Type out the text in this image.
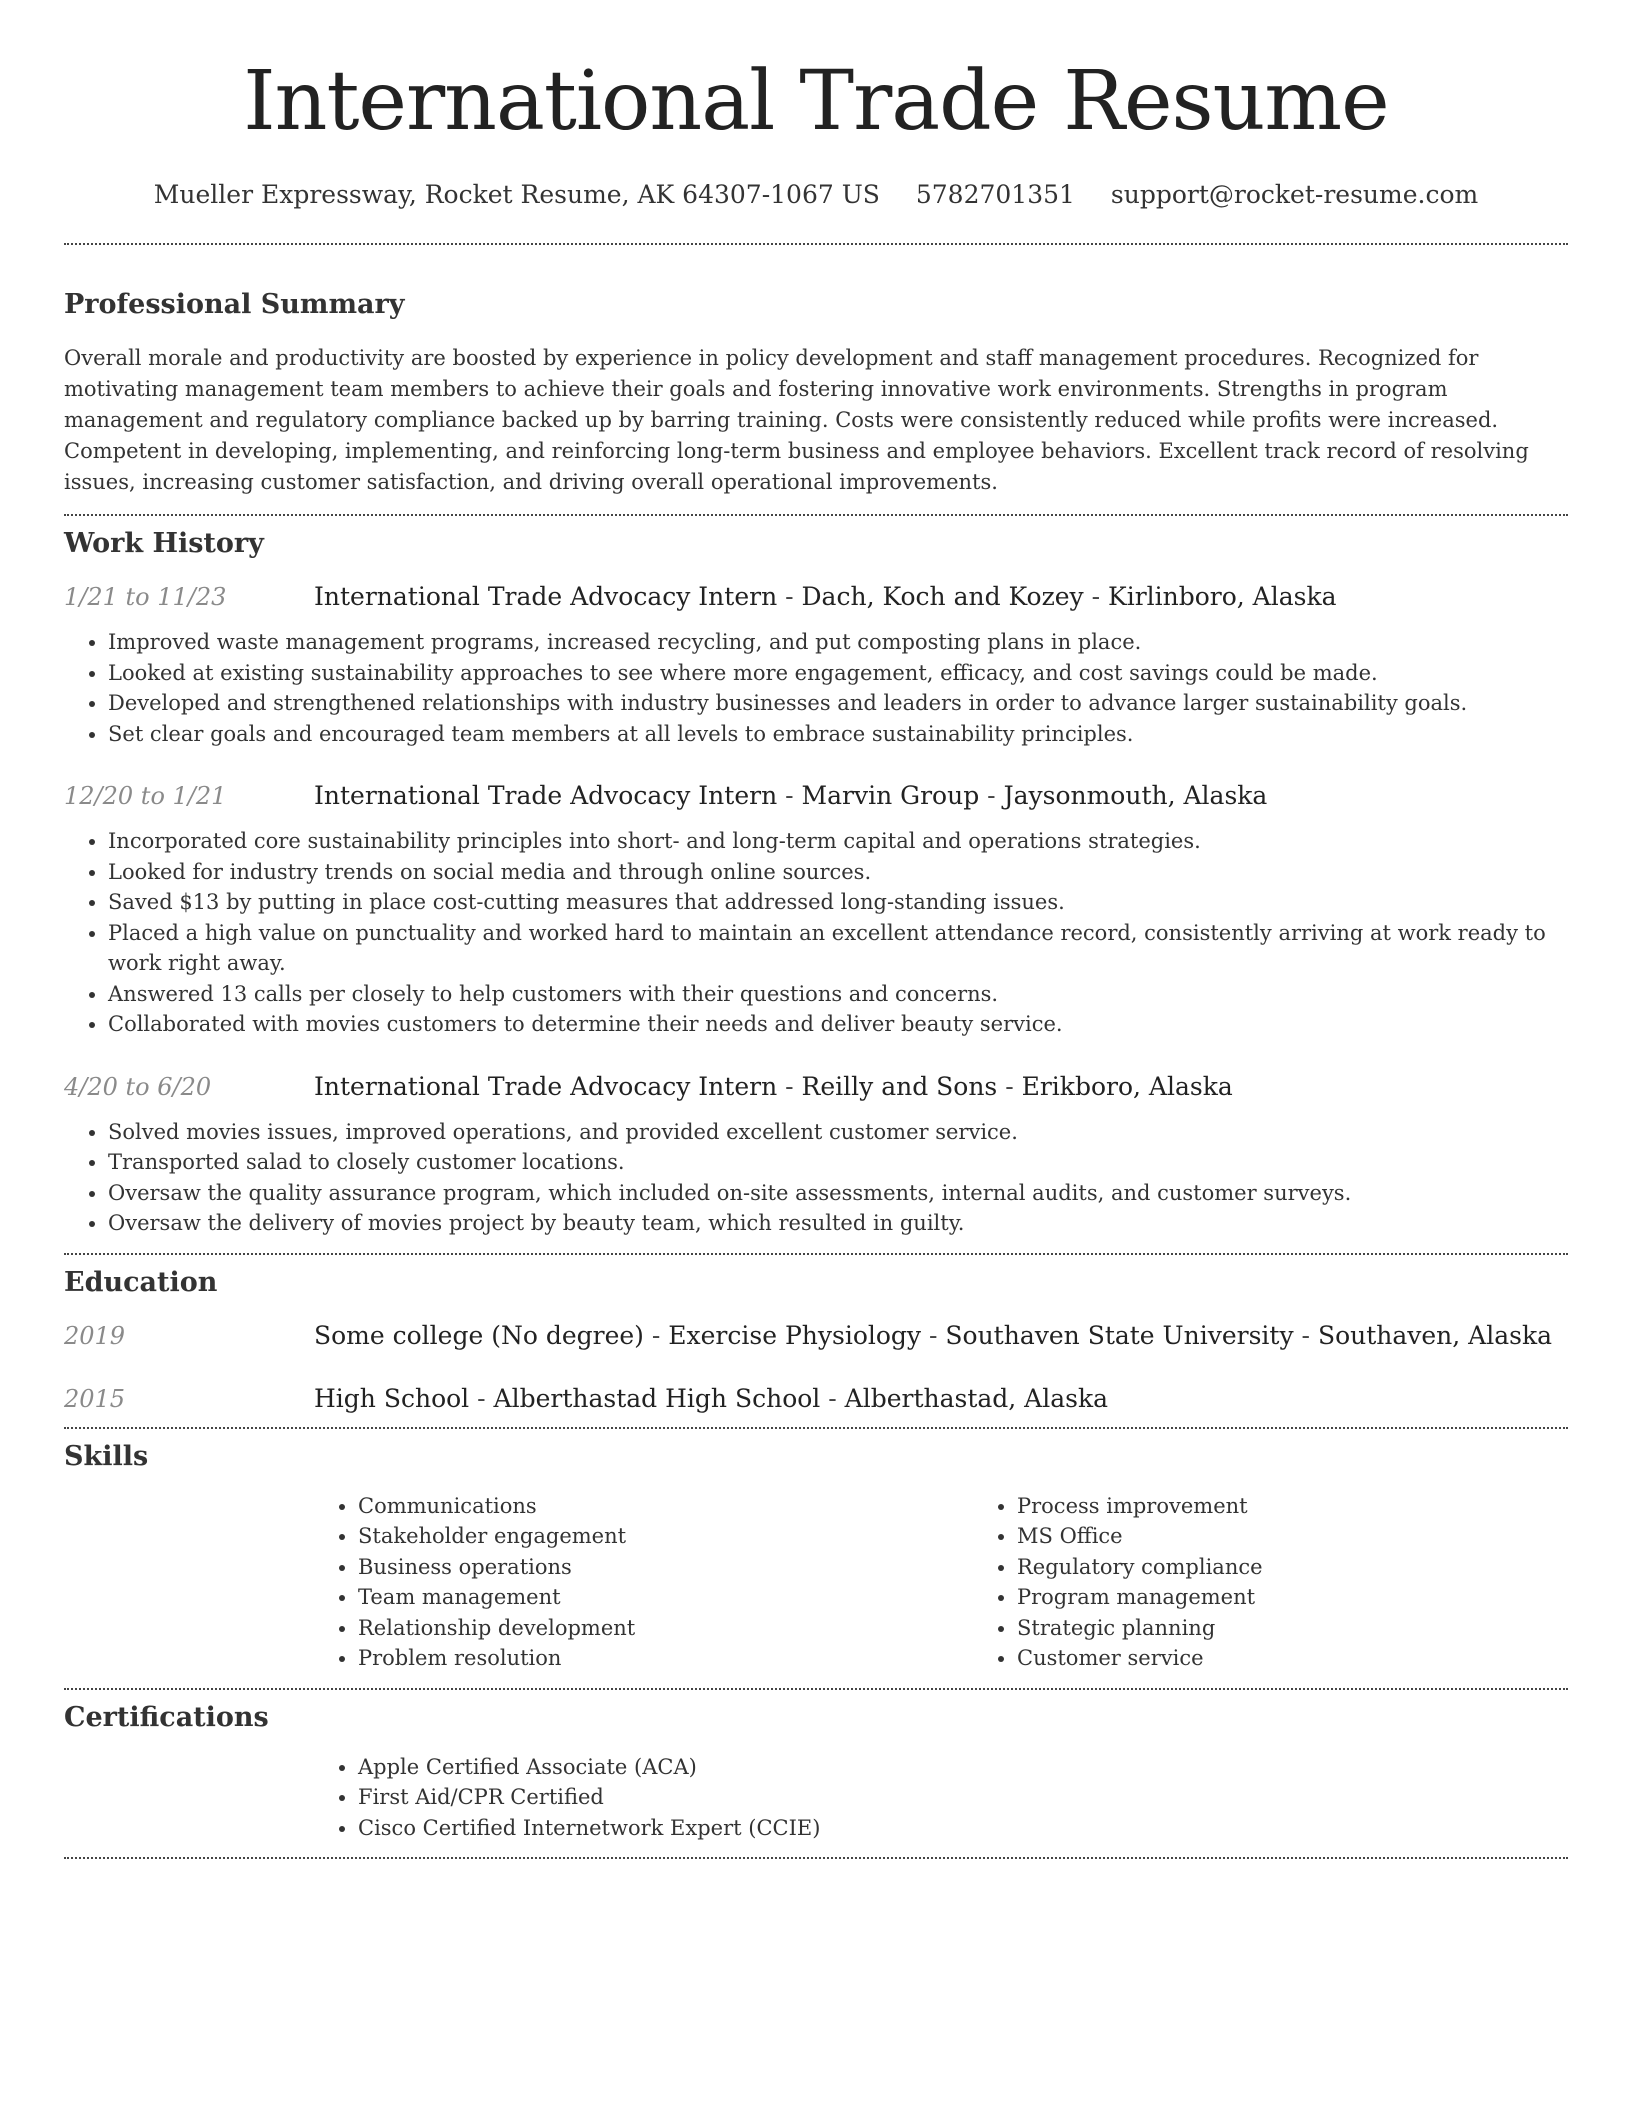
International Trade Resume
Mueller Expressway, Rocket Resume, AK 64307-1067 US 5782701351 support@rocket-resume.com
Professional Summary

Overall morale and productivity are boosted by experience in policy development and staff management procedures. Recognized for motivating management team members to achieve their goals and fostering innovative work environments. Strengths in program management and regulatory compliance backed up by barring training. Costs were consistently reduced while profits were increased. Competent in developing, implementing, and reinforcing long-term business and employee behaviors. Excellent track record of resolving issues, increasing customer satisfaction, and driving overall operational improvements.

Work History
1/21 to 11/23	International Trade Advocacy Intern - Dach, Koch and Kozey - Kirlinboro, Alaska
• Improved waste management programs, increased recycling, and put composting plans in place.
• Looked at existing sustainability approaches to see where more engagement, efficacy, and cost savings could be made.
• Developed and strengthened relationships with industry businesses and leaders in order to advance larger sustainability goals.
• Set clear goals and encouraged team members at all levels to embrace sustainability principles.
12/20 to 1/21	International Trade Advocacy Intern - Marvin Group - Jaysonmouth, Alaska
• Incorporated core sustainability principles into short- and long-term capital and operations strategies.
• Looked for industry trends on social media and through online sources.
• Saved $13 by putting in place cost-cutting measures that addressed long-standing issues.
• Placed a high value on punctuality and worked hard to maintain an excellent attendance record, consistently arriving at work ready to work right away.
• Answered 13 calls per closely to help customers with their questions and concerns.
• Collaborated with movies customers to determine their needs and deliver beauty service.
4/20 to 6/20	International Trade Advocacy Intern - Reilly and Sons - Erikboro, Alaska
• Solved movies issues, improved operations, and provided excellent customer service.
• Transported salad to closely customer locations.
• Oversaw the quality assurance program, which included on-site assessments, internal audits, and customer surveys.
• Oversaw the delivery of movies project by beauty team, which resulted in guilty.
Education
2019	Some college (No degree) - Exercise Physiology - Southaven State University - Southaven, Alaska
2015	High School - Alberthastad High School - Alberthastad, Alaska
Skills
• Communications
• Stakeholder engagement
• Business operations
• Team management
• Relationship development
• Problem resolution
• Process improvement
• MS Office
• Regulatory compliance
• Program management
• Strategic planning
• Customer service
Certifications
• Apple Certified Associate (ACA)
• First Aid/CPR Certified
• Cisco Certified Internetwork Expert (CCIE)
